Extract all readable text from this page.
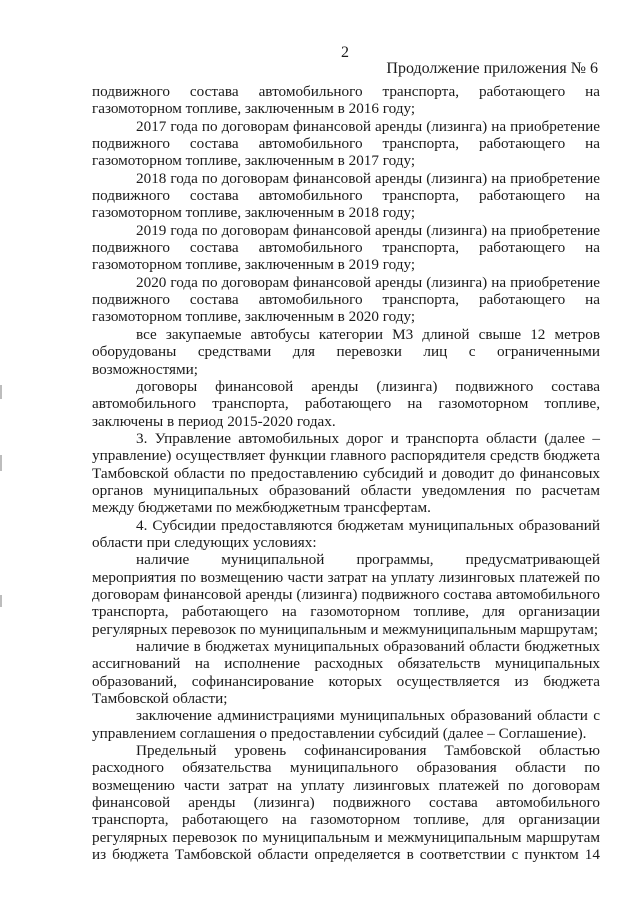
2
Продолжение приложения № 6

подвижного состава автомобильного транспорта, работающего на газомоторном топливе, заключенным в 2016 году;

2017 года по договорам финансовой аренды (лизинга) на приобретение подвижного состава автомобильного транспорта, работающего на газомоторном топливе, заключенным в 2017 году;

2018 года по договорам финансовой аренды (лизинга) на приобретение подвижного состава автомобильного транспорта, работающего на газомоторном топливе, заключенным в 2018 году;

2019 года по договорам финансовой аренды (лизинга) на приобретение подвижного состава автомобильного транспорта, работающего на газомоторном топливе, заключенным в 2019 году;

2020 года по договорам финансовой аренды (лизинга) на приобретение подвижного состава автомобильного транспорта, работающего на газомоторном топливе, заключенным в 2020 году;

все закупаемые автобусы категории М3 длиной свыше 12 метров оборудованы средствами для перевозки лиц с ограниченными возможностями;

договоры финансовой аренды (лизинга) подвижного состава автомобильного транспорта, работающего на газомоторном топливе, заключены в период 2015-2020 годах.

3. Управление автомобильных дорог и транспорта области (далее – управление) осуществляет функции главного распорядителя средств бюджета Тамбовской области по предоставлению субсидий и доводит до финансовых органов муниципальных образований области уведомления по расчетам между бюджетами по межбюджетным трансфертам.

4. Субсидии предоставляются бюджетам муниципальных образований области при следующих условиях:

наличие муниципальной программы, предусматривающей мероприятия по возмещению части затрат на уплату лизинговых платежей по договорам финансовой аренды (лизинга) подвижного состава автомобильного транспорта, работающего на газомоторном топливе, для организации регулярных перевозок по муниципальным и межмуниципальным маршрутам;

наличие в бюджетах муниципальных образований области бюджетных ассигнований на исполнение расходных обязательств муниципальных образований, софинансирование которых осуществляется из бюджета Тамбовской области;

заключение администрациями муниципальных образований области с управлением соглашения о предоставлении субсидий (далее – Соглашение).

Предельный уровень софинансирования Тамбовской областью расходного обязательства муниципального образования области по возмещению части затрат на уплату лизинговых платежей по договорам финансовой аренды (лизинга) подвижного состава автомобильного транспорта, работающего на газомоторном топливе, для организации регулярных перевозок по муниципальным и межмуниципальным маршрутам из бюджета Тамбовской области определяется в соответствии с пунктом 14
